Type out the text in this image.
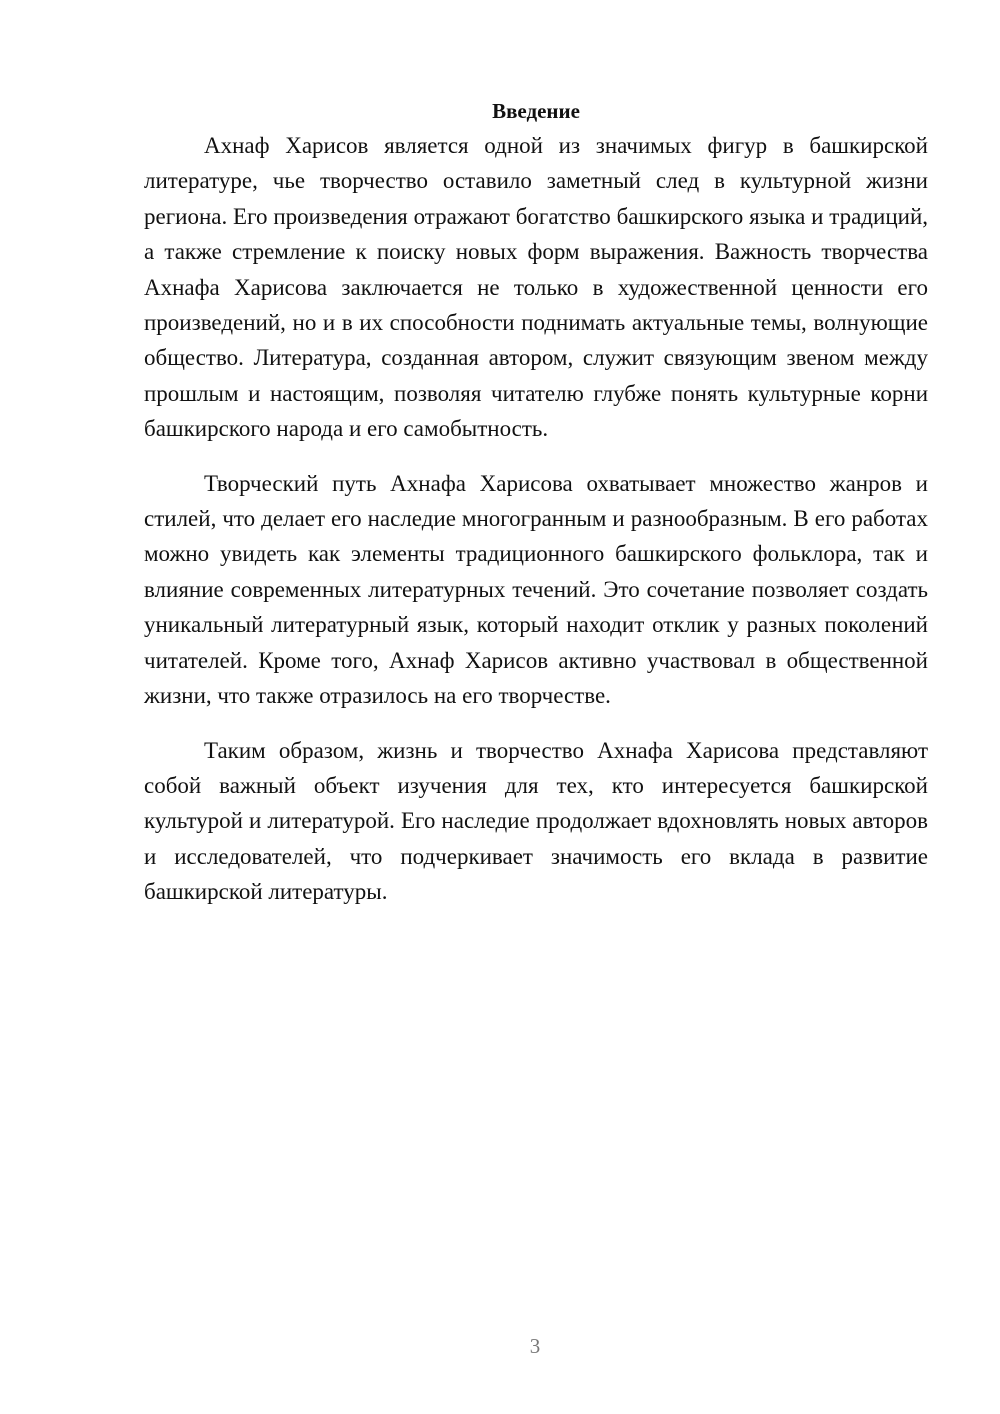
Введение

Ахнаф Харисов является одной из значимых фигур в башкирской литературе, чье творчество оставило заметный след в культурной жизни региона. Его произведения отражают богатство башкирского языка и традиций, а также стремление к поиску новых форм выражения. Важность творчества Ахнафа Харисова заключается не только в художественной ценности его произведений, но и в их способности поднимать актуальные темы, волнующие общество. Литература, созданная автором, служит связующим звеном между прошлым и настоящим, позволяя читателю глубже понять культурные корни башкирского народа и его самобытность.

Творческий путь Ахнафа Харисова охватывает множество жанров и стилей, что делает его наследие многогранным и разнообразным. В его работах можно увидеть как элементы традиционного башкирского фольклора, так и влияние современных литературных течений. Это сочетание позволяет создать уникальный литературный язык, который находит отклик у разных поколений читателей. Кроме того, Ахнаф Харисов активно участвовал в общественной жизни, что также отразилось на его творчестве.

Таким образом, жизнь и творчество Ахнафа Харисова представляют собой важный объект изучения для тех, кто интересуется башкирской культурой и литературой. Его наследие продолжает вдохновлять новых авторов и исследователей, что подчеркивает значимость его вклада в развитие башкирской литературы.

3
